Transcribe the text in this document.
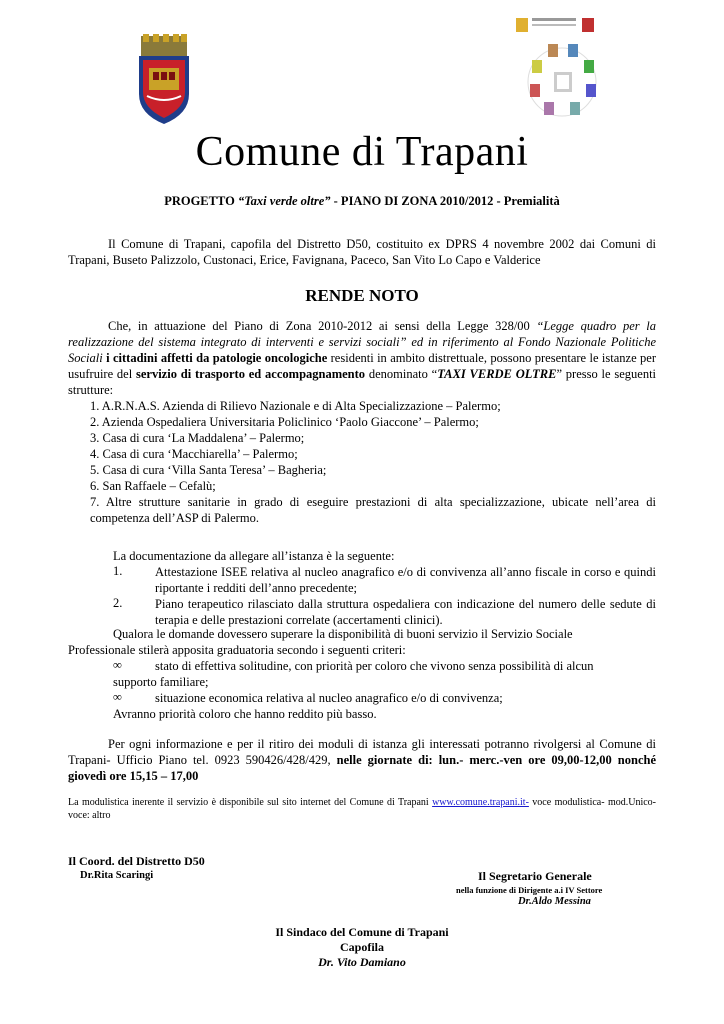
Comune di Trapani
PROGETTO “Taxi verde oltre” - PIANO DI ZONA 2010/2012 - Premialità
Il Comune di Trapani, capofila del Distretto D50, costituito ex DPRS 4 novembre 2002 dai Comuni di Trapani, Buseto Palizzolo, Custonaci, Erice, Favignana, Paceco, San Vito Lo Capo e Valderice
RENDE NOTO
Che, in attuazione del Piano di Zona 2010-2012 ai sensi della Legge 328/00 “Legge quadro per la realizzazione del sistema integrato di interventi e servizi sociali” ed in riferimento al Fondo Nazionale Politiche Sociali i cittadini affetti da patologie oncologiche residenti in ambito distrettuale, possono presentare le istanze per usufruire del servizio di trasporto ed accompagnamento denominato “TAXI VERDE OLTRE” presso le seguenti strutture:
1. A.R.N.A.S. Azienda di Rilievo Nazionale e di Alta Specializzazione – Palermo;
2. Azienda Ospedaliera Universitaria Policlinico ‘Paolo Giaccone’ – Palermo;
3. Casa di cura ‘La Maddalena’ – Palermo;
4. Casa di cura ‘Macchiarella’ – Palermo;
5. Casa di cura ‘Villa Santa Teresa’ – Bagheria;
6. San Raffaele – Cefalù;
7. Altre strutture sanitarie in grado di eseguire prestazioni di alta specializzazione, ubicate nell’area di competenza dell’ASP di Palermo.
La documentazione da allegare all’istanza è la seguente:
1.	Attestazione ISEE relativa al nucleo anagrafico e/o di convivenza all’anno fiscale in corso e quindi riportante i redditi dell’anno precedente;
2.	Piano terapeutico rilasciato dalla struttura ospedaliera con indicazione del numero delle sedute di terapia e delle prestazioni correlate (accertamenti clinici).
Qualora le domande dovessero superare la disponibilità di buoni servizio il Servizio Sociale
Professionale stilerà apposita graduatoria secondo i seguenti criteri:
∞	stato di effettiva solitudine, con priorità per coloro che vivono senza possibilità di alcun
supporto familiare;
∞	situazione economica relativa al nucleo anagrafico e/o di convivenza;
Avranno priorità coloro che hanno reddito più basso.
Per ogni informazione e per il ritiro dei moduli di istanza gli interessati potranno rivolgersi al Comune di Trapani- Ufficio Piano tel. 0923 590426/428/429, nelle giornate di: lun.- merc.-ven ore 09,00-12,00 nonché giovedì ore 15,15 – 17,00
La modulistica inerente il servizio è disponibile sul sito internet del Comune di Trapani www.comune.trapani.it- voce modulistica- mod.Unico-voce: altro
Il Coord. del Distretto D50
Dr.Rita Scaringi	Il Segretario Generale
nella funzione di Dirigente a.i IV Settore
Dr.Aldo Messina
Il Sindaco del Comune di Trapani
Capofila
Dr. Vito Damiano
